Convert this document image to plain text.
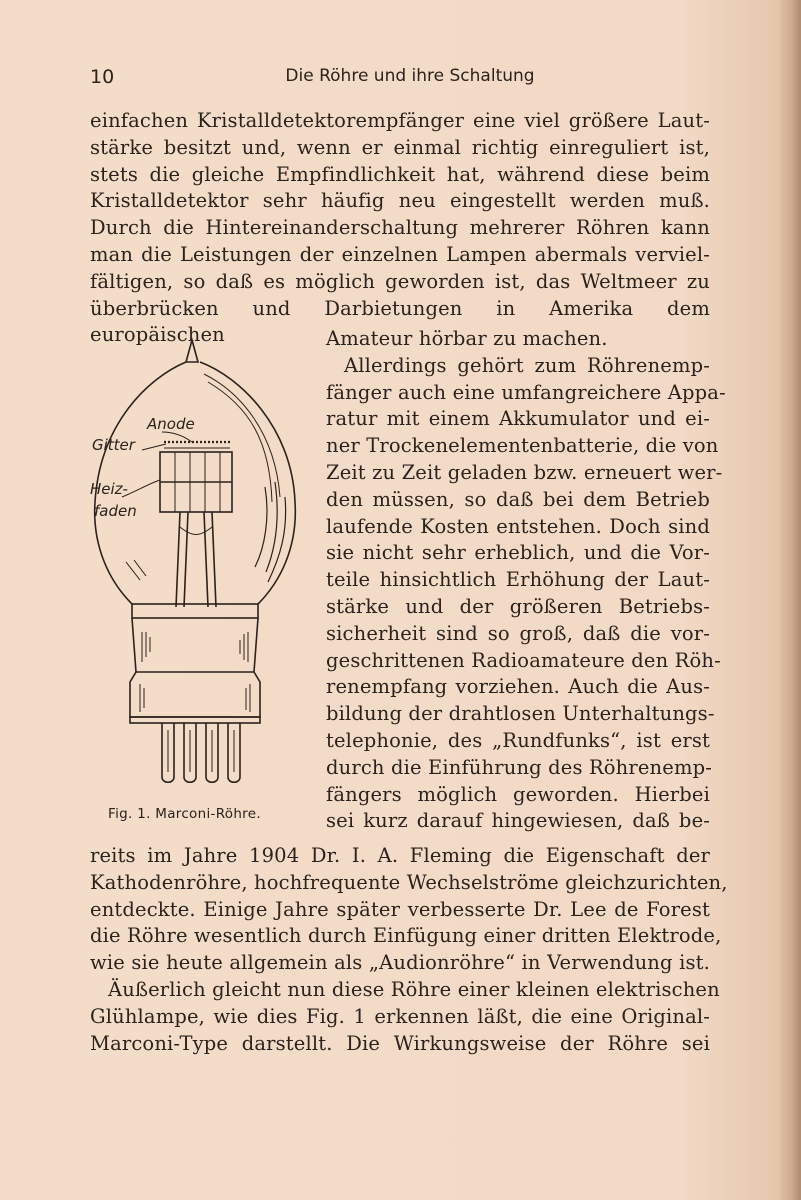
10	Die Röhre und ihre Schaltung
einfachen Kristalldetektorempfänger eine viel größere Laut-
stärke besitzt und, wenn er einmal richtig einreguliert ist,
stets die gleiche Empfindlichkeit hat, während diese beim
Kristalldetektor sehr häufig neu eingestellt werden muß.
Durch die Hintereinanderschaltung mehrerer Röhren kann
man die Leistungen der einzelnen Lampen abermals verviel-
fältigen, so daß es möglich geworden ist, das Weltmeer zu
überbrücken und Darbietungen in Amerika dem europäischen	Amateur hörbar zu machen.
Allerdings gehört zum Röhrenemp-
fänger auch eine umfangreichere Appa-
ratur mit einem Akkumulator und ei-
ner Trockenelementenbatterie, die von
Zeit zu Zeit geladen bzw. erneuert wer-
den müssen, so daß bei dem Betrieb
laufende Kosten entstehen. Doch sind
sie nicht sehr erheblich, und die Vor-
teile hinsichtlich Erhöhung der Laut-
stärke und der größeren Betriebs-
sicherheit sind so groß, daß die vor-
geschrittenen Radioamateure den Röh-
renempfang vorziehen. Auch die Aus-
bildung der drahtlosen Unterhaltungs-
telephonie, des „Rundfunks“, ist erst
durch die Einführung des Röhrenemp-
fängers möglich geworden. Hierbei
sei kurz darauf hingewiesen, daß be-
Anode
Gitter
Heiz-
faden
Fig. 1. Marconi-Röhre.
reits im Jahre 1904 Dr. I. A. Fleming die Eigenschaft der
Kathodenröhre, hochfrequente Wechselströme gleichzurichten,
entdeckte. Einige Jahre später verbesserte Dr. Lee de Forest
die Röhre wesentlich durch Einfügung einer dritten Elektrode,
wie sie heute allgemein als „Audionröhre“ in Verwendung ist.
Äußerlich gleicht nun diese Röhre einer kleinen elektrischen
Glühlampe, wie dies Fig. 1 erkennen läßt, die eine Original-
Marconi-Type darstellt. Die Wirkungsweise der Röhre sei
